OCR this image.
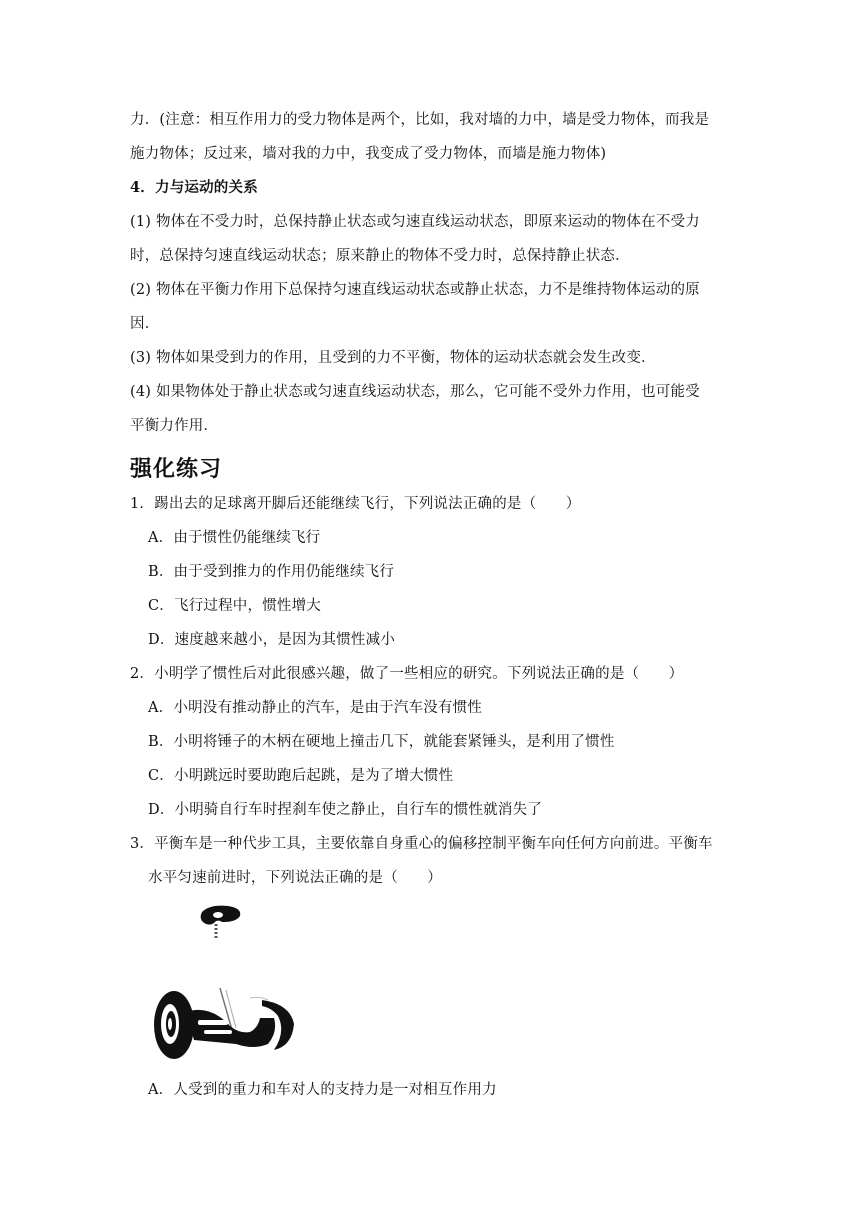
力．(注意：相互作用力的受力物体是两个，比如，我对墙的力中，墙是受力物体，而我是
施力物体；反过来，墙对我的力中，我变成了受力物体，而墙是施力物体)
4．力与运动的关系
(1) 物体在不受力时，总保持静止状态或匀速直线运动状态，即原来运动的物体在不受力
时，总保持匀速直线运动状态；原来静止的物体不受力时，总保持静止状态．
(2) 物体在平衡力作用下总保持匀速直线运动状态或静止状态，力不是维持物体运动的原
因．
(3) 物体如果受到力的作用，且受到的力不平衡，物体的运动状态就会发生改变．
(4) 如果物体处于静止状态或匀速直线运动状态，那么，它可能不受外力作用，也可能受
平衡力作用．
强化练习
1．踢出去的足球离开脚后还能继续飞行，下列说法正确的是（　　）
A．由于惯性仍能继续飞行
B．由于受到推力的作用仍能继续飞行
C．飞行过程中，惯性增大
D．速度越来越小，是因为其惯性减小
2．小明学了惯性后对此很感兴趣，做了一些相应的研究。下列说法正确的是（　　）
A．小明没有推动静止的汽车，是由于汽车没有惯性
B．小明将锤子的木柄在硬地上撞击几下，就能套紧锤头，是利用了惯性
C．小明跳远时要助跑后起跳，是为了增大惯性
D．小明骑自行车时捏刹车使之静止，自行车的惯性就消失了
3．平衡车是一种代步工具，主要依靠自身重心的偏移控制平衡车向任何方向前进。平衡车
水平匀速前进时，下列说法正确的是（　　）
A．人受到的重力和车对人的支持力是一对相互作用力
